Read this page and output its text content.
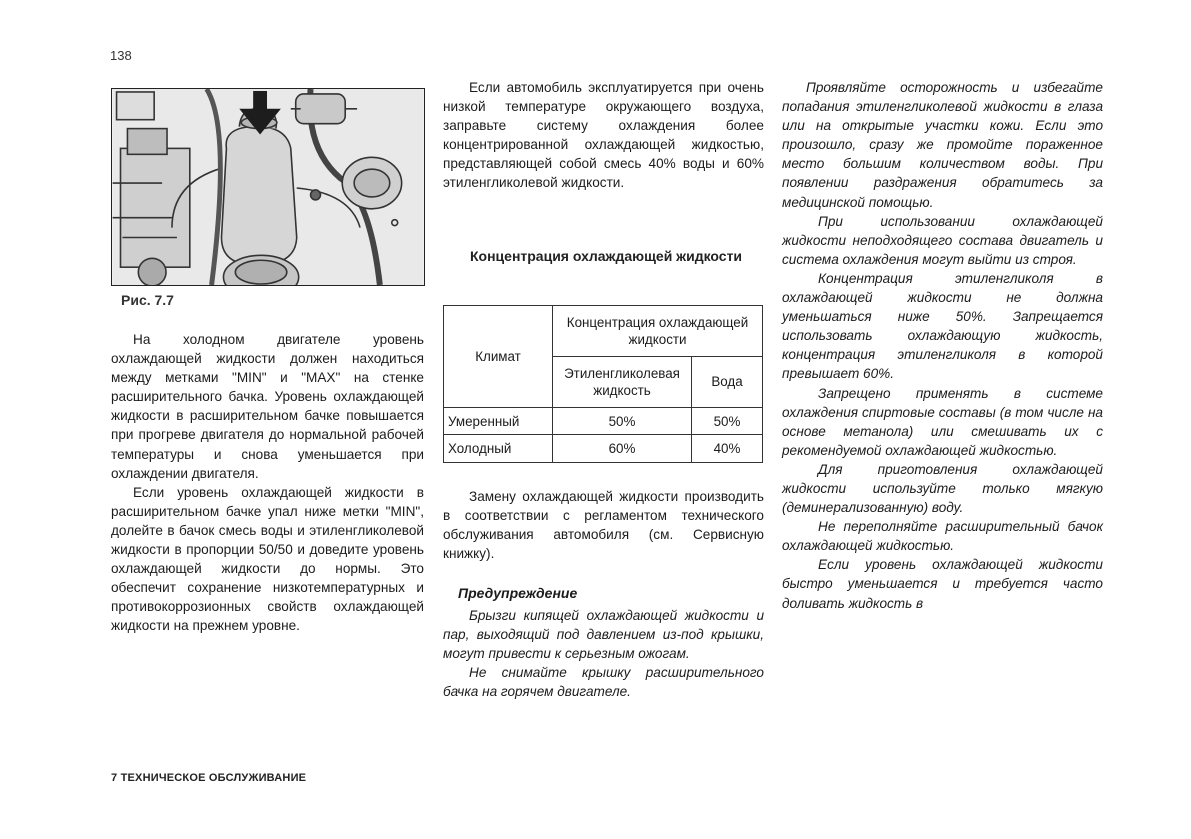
138
Рис. 7.7

На холодном двигателе уровень охлаждающей жидкости должен находиться между метками "MIN" и "MAX" на стенке расширительного бачка. Уровень охлаждающей жидкости в расширительном бачке повышается при прогреве двигателя до нормальной рабочей температуры и снова уменьшается при охлаждении двигателя.

Если уровень охлаждающей жидкости в расширительном бачке упал ниже метки "MIN", долейте в бачок смесь воды и этиленгликолевой жидкости в пропорции 50/50 и доведите уровень охлаждающей жидкости до нормы. Это обеспечит сохранение низкотемпературных и противокоррозионных свойств охлаждающей жидкости на прежнем уровне.

Если автомобиль эксплуатируется при очень низкой температуре окружающего воздуха, заправьте систему охлаждения более концентрированной охлаждающей жидкостью, представляющей собой смесь 40% воды и 60% этиленгликолевой жидкости.

Концентрация охлаждающей жидкости
Климат	Концентрация охлаждающей жидкости	
	Этиленгликолевая жидкость	Вода
Умеренный	50%	50%
Холодный	60%	40%

Замену охлаждающей жидкости производить в соответствии с регламентом технического обслуживания автомобиля (см. Сервисную книжку).

Предупреждение

Брызги кипящей охлаждающей жидкости и пар, выходящий под давлением из-под крышки, могут привести к серьезным ожогам.

Не снимайте крышку расширительного бачка на горячем двигателе.

Проявляйте осторожность и избегайте попадания этиленгликолевой жидкости в глаза или на открытые участки кожи. Если это произошло, сразу же промойте пораженное место большим количеством воды. При появлении раздражения обратитесь за медицинской помощью.

При использовании охлаждающей жидкости неподходящего состава двигатель и система охлаждения могут выйти из строя.

Концентрация этиленгликоля в охлаждающей жидкости не должна уменьшаться ниже 50%. Запрещается использовать охлаждающую жидкость, концентрация этиленгликоля в которой превышает 60%.

Запрещено применять в системе охлаждения спиртовые составы (в том числе на основе метанола) или смешивать их с рекомендуемой охлаждающей жидкостью.

Для приготовления охлаждающей жидкости используйте только мягкую (деминерализованную) воду.

Не переполняйте расширительный бачок охлаждающей жидкостью.

Если уровень охлаждающей жидкости быстро уменьшается и требуется часто доливать жидкость в

7 ТЕХНИЧЕСКОЕ ОБСЛУЖИВАНИЕ
